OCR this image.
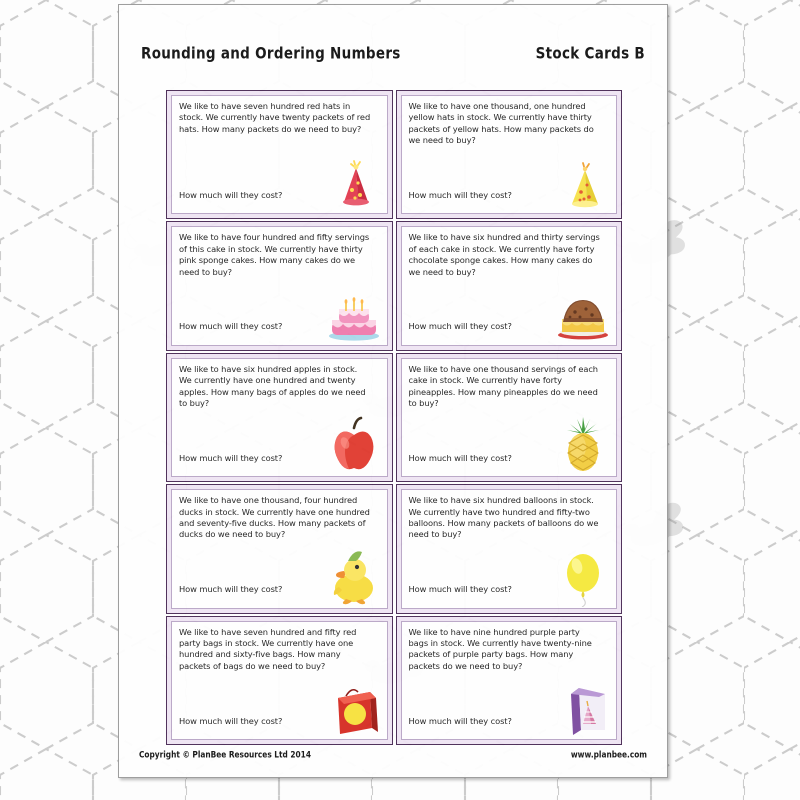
Rounding and Ordering Numbers	Stock Cards B
We like to have seven hundred red hats in stock. We currently have twenty packets of red hats. How many packets do we need to buy?
How much will they cost?
We like to have one thousand, one hundred yellow hats in stock. We currently have thirty packets of yellow hats. How many packets do we need to buy?
How much will they cost?
We like to have four hundred and fifty servings of this cake in stock. We currently have thirty pink sponge cakes. How many cakes do we need to buy?
How much will they cost?
We like to have six hundred and thirty servings of each cake in stock. We currently have forty chocolate sponge cakes. How many cakes do we need to buy?
How much will they cost?
We like to have six hundred apples in stock. We currently have one hundred and twenty apples. How many bags of apples do we need to buy?
How much will they cost?
We like to have one thousand servings of each cake in stock. We currently have forty pineapples. How many pineapples do we need to buy?
How much will they cost?
We like to have one thousand, four hundred ducks in stock. We currently have one hundred and seventy-five ducks. How many packets of ducks do we need to buy?
How much will they cost?
We like to have six hundred balloons in stock. We currently have two hundred and fifty-two balloons. How many packets of balloons do we need to buy?
How much will they cost?
We like to have seven hundred and fifty red party bags in stock. We currently have one hundred and sixty-five bags. How many packets of bags do we need to buy?
How much will they cost?
We like to have nine hundred purple party bags in stock. We currently have twenty-nine packets of purple party bags. How many packets do we need to buy?
How much will they cost?
Copyright © PlanBee Resources Ltd 2014	www.planbee.com
